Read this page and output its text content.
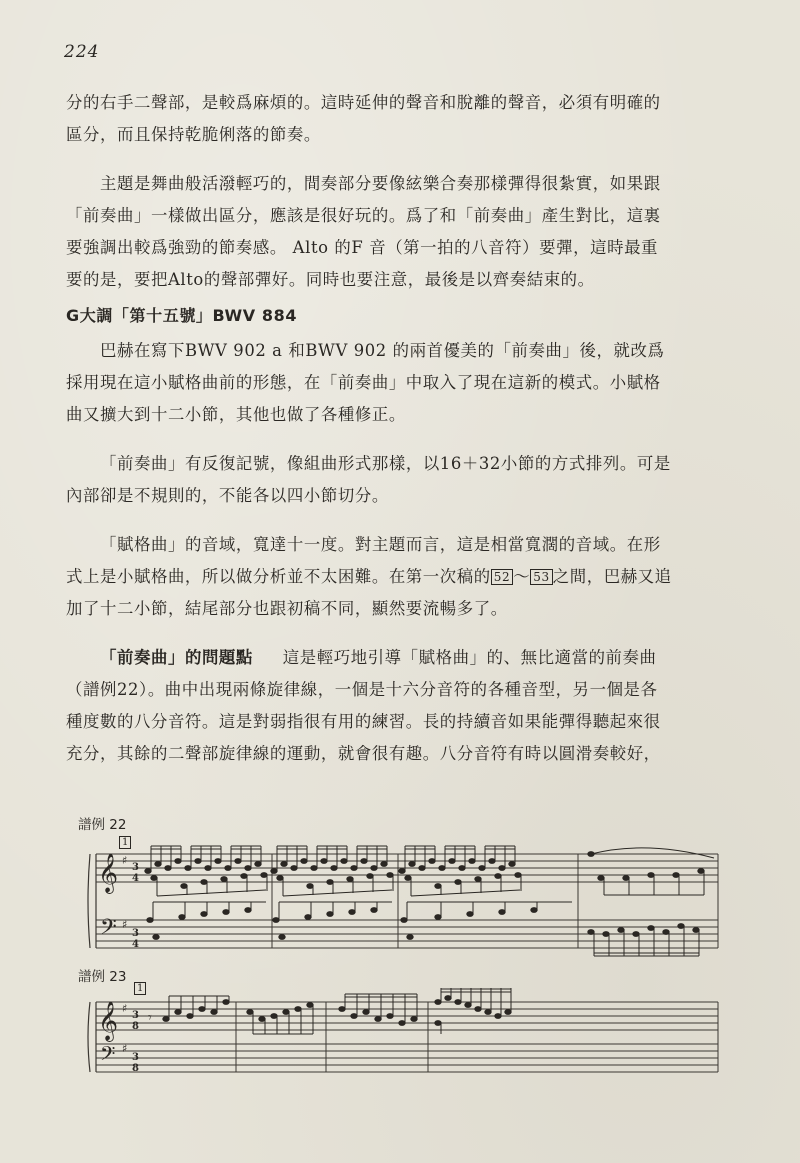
224
分的右手二聲部，是較爲麻煩的。這時延伸的聲音和脫離的聲音，必須有明確的
區分，而且保持乾脆俐落的節奏。
主題是舞曲般活潑輕巧的，間奏部分要像絃樂合奏那樣彈得很紮實，如果跟
「前奏曲」一樣做出區分，應該是很好玩的。爲了和「前奏曲」產生對比，這裏
要強調出較爲強勁的節奏感。 Alto 的F 音（第一拍的八音符）要彈，這時最重
要的是，要把Alto的聲部彈好。同時也要注意，最後是以齊奏結束的。
G大調「第十五號」BWV 884
巴赫在寫下BWV 902 a 和BWV 902 的兩首優美的「前奏曲」後，就改爲
採用現在這小賦格曲前的形態，在「前奏曲」中取入了現在這新的模式。小賦格
曲又擴大到十二小節，其他也做了各種修正。
「前奏曲」有反復記號，像組曲形式那樣，以16＋32小節的方式排列。可是
內部卻是不規則的，不能各以四小節切分。
「賦格曲」的音域，寬達十一度。對主題而言，這是相當寬濶的音域。在形
式上是小賦格曲，所以做分析並不太困難。在第一次稿的 52 〜 53 之間，巴赫又追
加了十二小節，結尾部分也跟初稿不同，顯然要流暢多了。
「前奏曲」的問題點 這是輕巧地引導「賦格曲」的、無比適當的前奏曲
（譜例22）。曲中出現兩條旋律線，一個是十六分音符的各種音型，另一個是各
種度數的八分音符。這是對弱指很有用的練習。長的持續音如果能彈得聽起來很
充分，其餘的二聲部旋律線的運動，就會很有趣。八分音符有時以圓滑奏較好，
譜例 22
1
𝄞
𝄢
♯
♯
3
4
3
4
譜例 23
1
𝄞
𝄢
♯
♯
3
8
3
8
𝄾
